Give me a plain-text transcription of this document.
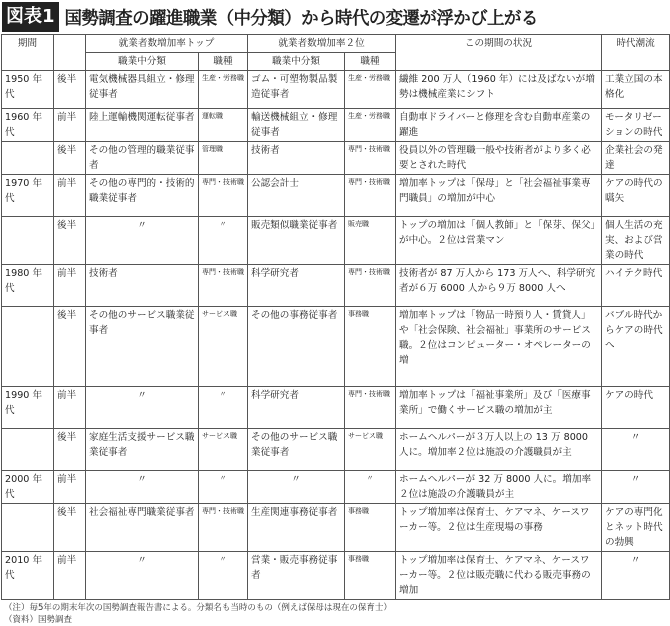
図表1 国勢調査の躍進職業（中分類）から時代の変遷が浮かび上がる
期間		就業者数増加率トップ		就業者数増加率２位		この期間の状況	時代潮流
		職業中分類	職種	職業中分類	職種		
1950 年代	後半	電気機械器具組立・修理従事者	生産・労務職	ゴム・可塑物製品製造従事者	生産・労務職	繊維 200 万人（1960 年）には及ばないが増勢は機械産業にシフト	工業立国の本格化
1960 年代	前半	陸上運輸機関運転従事者	運転職	輸送機械組立・修理従事者	生産・労務職	自動車ドライバーと修理を含む自動車産業の躍進	モータリゼーションの時代
	後半	その他の管理的職業従事者	管理職	技術者	専門・技術職	役員以外の管理職一般や技術者がより多く必要とされた時代	企業社会の発達
1970 年代	前半	その他の専門的・技術的職業従事者	専門・技術職	公認会計士	専門・技術職	増加率トップは「保母」と「社会福祉事業専門職員」の増加が中心	ケアの時代の嚆矢
	後半	〃	〃	販売類似職業従事者	販売職	トップの増加は「個人教師」と「保芽、保父」が中心。２位は営業マン	個人生活の充実、および営業の時代
1980 年代	前半	技術者	専門・技術職	科学研究者	専門・技術職	技術者が 87 万人から 173 万人へ、科学研究者が６万 6000 人から９万 8000 人へ	ハイテク時代
	後半	その他のサービス職業従事者	サービス職	その他の事務従事者	事務職	増加率トップは「物品一時預り人・賃貸人」や「社会保険、社会福祉」事業所のサービス職。２位はコンピューター・オペレーターの増	バブル時代からケアの時代へ
1990 年代	前半	〃	〃	科学研究者	専門・技術職	増加率トップは「福祉事業所」及び「医療事業所」で働くサービス職の増加が主	ケアの時代
	後半	家庭生活支援サービス職業従事者	サービス職	その他のサービス職業従事者	サービス職	ホームヘルパーが３万人以上の 13 万 8000 人に。増加率２位は施設の介護職員が主	〃
2000 年代	前半	〃	〃	〃	〃	ホームヘルパーが 32 万 8000 人に。増加率２位は施設の介護職員が主	〃
	後半	社会福祉専門職業従事者	専門・技術職	生産関連事務従事者	事務職	トップ増加率は保育士、ケアマネ、ケースワーカー等。２位は生産現場の事務	ケアの専門化とネット時代の勃興
2010 年代	前半	〃	〃	営業・販売事務従事者	事務職	トップ増加率は保育士、ケアマネ、ケースワーカー等。２位は販売職に代わる販売事務の増加	〃
（注）毎5年の期末年次の国勢調査報告書による。分類名も当時のもの（例えば保母は現在の保育士）
（資料）国勢調査
